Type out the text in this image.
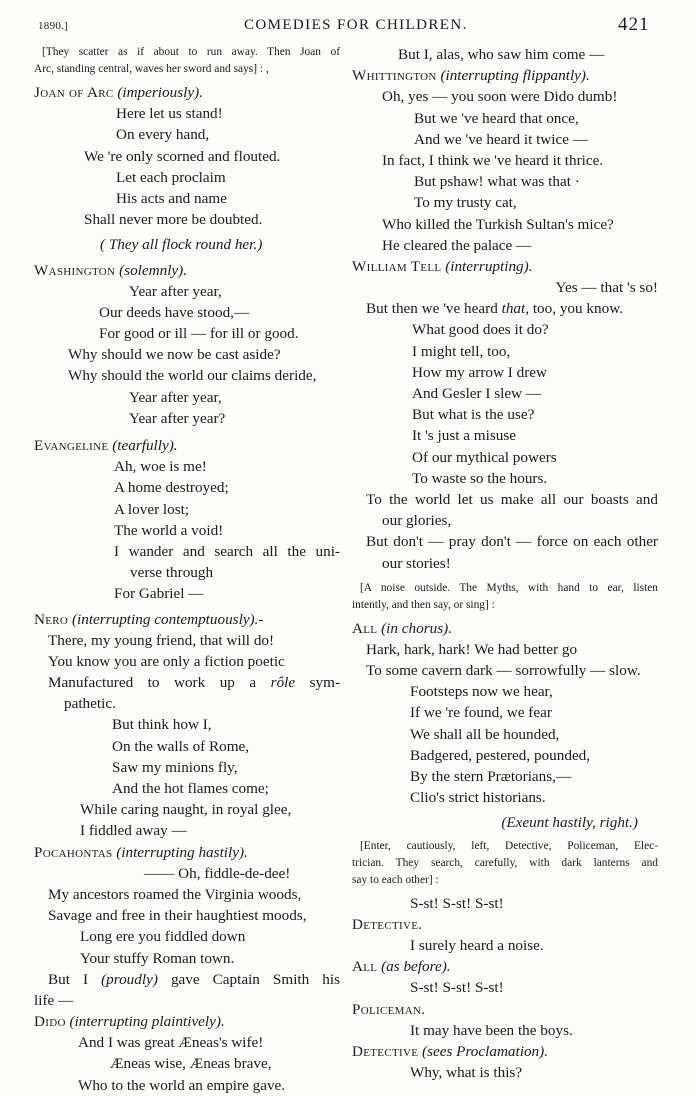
1890.]	COMEDIES FOR CHILDREN.	421
[They scatter as if about to run away. Then Joan of
Arc, standing central, waves her sword and says] : ,
Joan of Arc (imperiously).
Here let us stand!
On every hand,
We 're only scorned and flouted.
Let each proclaim
His acts and name
Shall never more be doubted.
( They all flock round her.)
Washington (solemnly).
Year after year,
Our deeds have stood,—
For good or ill — for ill or good.
Why should we now be cast aside?
Why should the world our claims deride,
Year after year,
Year after year?
Evangeline (tearfully).
Ah, woe is me!
A home destroyed;
A lover lost;
The world a void!
I wander and search all the uni-
verse through
For Gabriel —
Nero (interrupting contemptuously).-
There, my young friend, that will do!
You know you are only a fiction poetic
Manufactured to work up a rôle sym-
pathetic.
But think how I,
On the walls of Rome,
Saw my minions fly,
And the hot flames come;
While caring naught, in royal glee,
I fiddled away —
Pocahontas (interrupting hastily).
—— Oh, fiddle-de-dee!
My ancestors roamed the Virginia woods,
Savage and free in their haughtiest moods,
Long ere you fiddled down
Your stuffy Roman town.
But I (proudly) gave Captain Smith his
life —
Dido (interrupting plaintively).
And I was great Æneas's wife!
Æneas wise, Æneas brave,
Who to the world an empire gave.
But I, alas, who saw him come —
Whittington (interrupting flippantly).
Oh, yes — you soon were Dido dumb!
But we 've heard that once,
And we 've heard it twice —
In fact, I think we 've heard it thrice.
But pshaw! what was that ·
To my trusty cat,
Who killed the Turkish Sultan's mice?
He cleared the palace —
William Tell (interrupting).
Yes — that 's so!
But then we 've heard that, too, you know.
What good does it do?
I might tell, too,
How my arrow I drew
And Gesler I slew —
But what is the use?
It 's just a misuse
Of our mythical powers
To waste so the hours.
To the world let us make all our boasts and
our glories,
But don't — pray don't — force on each other
our stories!
[A noise outside. The Myths, with hand to ear, listen
intently, and then say, or sing] :
All (in chorus).
Hark, hark, hark! We had better go
To some cavern dark — sorrowfully — slow.
Footsteps now we hear,
If we 're found, we fear
We shall all be hounded,
Badgered, pestered, pounded,
By the stern Prætorians,—
Clio's strict historians.
(Exeunt hastily, right.)
[Enter, cautiously, left, Detective, Policeman, Elec-
trician. They search, carefully, with dark lanterns and
say to each other] :
S-st! S-st! S-st!
Detective.
I surely heard a noise.
All (as before).
S-st! S-st! S-st!
Policeman.
It may have been the boys.
Detective (sees Proclamation).
Why, what is this?
